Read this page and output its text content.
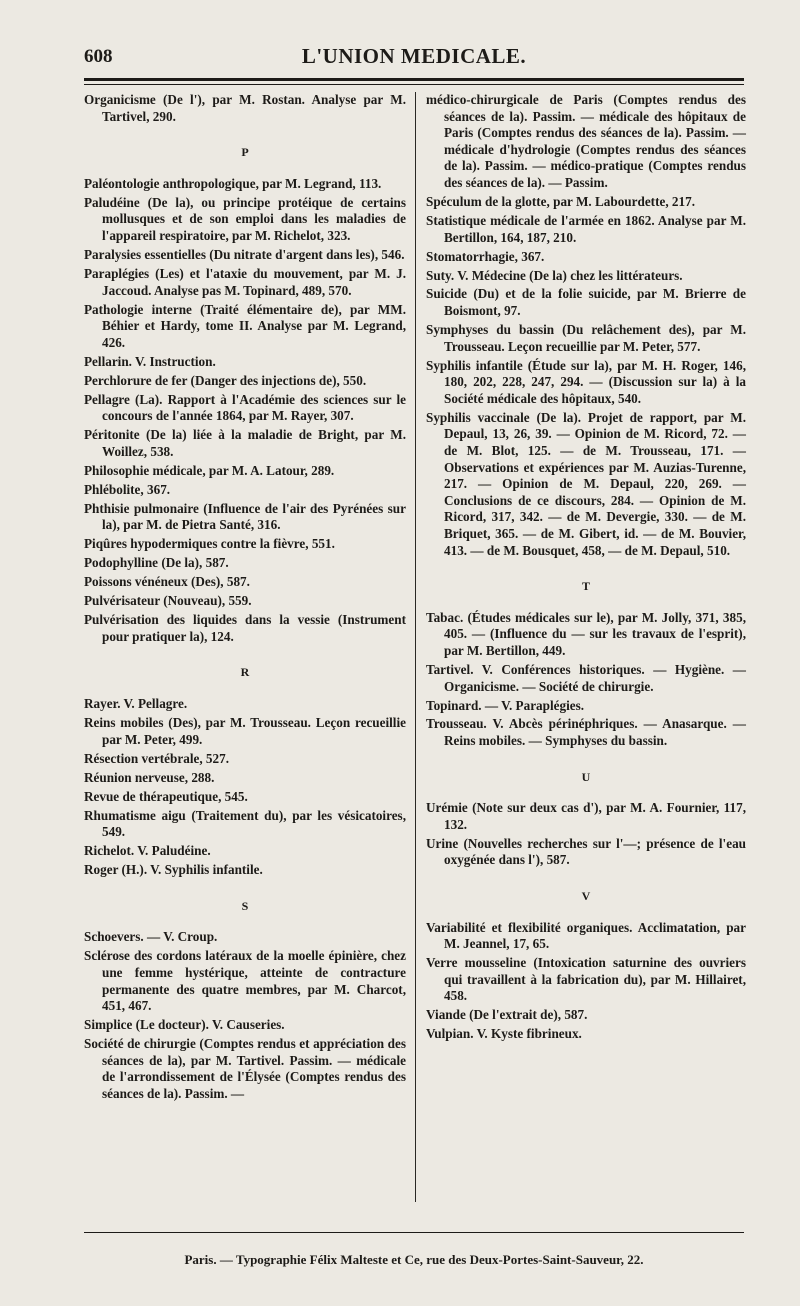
608	L'UNION MEDICALE.
Organicisme (De l'), par M. Rostan. Analyse par M. Tartivel, 290.
P
Paléontologie anthropologique, par M. Legrand, 113.
Paludéine (De la), ou principe protéique de certains mollusques et de son emploi dans les maladies de l'appareil respiratoire, par M. Richelot, 323.
Paralysies essentielles (Du nitrate d'argent dans les), 546.
Paraplégies (Les) et l'ataxie du mouvement, par M. J. Jaccoud. Analyse pas M. Topinard, 489, 570.
Pathologie interne (Traité élémentaire de), par MM. Béhier et Hardy, tome II. Analyse par M. Legrand, 426.
Pellarin. V. Instruction.
Perchlorure de fer (Danger des injections de), 550.
Pellagre (La). Rapport à l'Académie des sciences sur le concours de l'année 1864, par M. Rayer, 307.
Péritonite (De la) liée à la maladie de Bright, par M. Woillez, 538.
Philosophie médicale, par M. A. Latour, 289.
Phlébolite, 367.
Phthisie pulmonaire (Influence de l'air des Pyrénées sur la), par M. de Pietra Santé, 316.
Piqûres hypodermiques contre la fièvre, 551.
Podophylline (De la), 587.
Poissons vénéneux (Des), 587.
Pulvérisateur (Nouveau), 559.
Pulvérisation des liquides dans la vessie (Instrument pour pratiquer la), 124.
R
Rayer. V. Pellagre.
Reins mobiles (Des), par M. Trousseau. Leçon recueillie par M. Peter, 499.
Résection vertébrale, 527.
Réunion nerveuse, 288.
Revue de thérapeutique, 545.
Rhumatisme aigu (Traitement du), par les vésicatoires, 549.
Richelot. V. Paludéine.
Roger (H.). V. Syphilis infantile.
S
Schoevers. — V. Croup.
Sclérose des cordons latéraux de la moelle épinière, chez une femme hystérique, atteinte de contracture permanente des quatre membres, par M. Charcot, 451, 467.
Simplice (Le docteur). V. Causeries.
Société de chirurgie (Comptes rendus et appréciation des séances de la), par M. Tartivel. Passim. — médicale de l'arrondissement de l'Élysée (Comptes rendus des séances de la). Passim. —
médico-chirurgicale de Paris (Comptes rendus des séances de la). Passim. — médicale des hôpitaux de Paris (Comptes rendus des séances de la). Passim. — médicale d'hydrologie (Comptes rendus des séances de la). Passim. — médico-pratique (Comptes rendus des séances de la). — Passim.
Spéculum de la glotte, par M. Labourdette, 217.
Statistique médicale de l'armée en 1862. Analyse par M. Bertillon, 164, 187, 210.
Stomatorrhagie, 367.
Suty. V. Médecine (De la) chez les littérateurs.
Suicide (Du) et de la folie suicide, par M. Brierre de Boismont, 97.
Symphyses du bassin (Du relâchement des), par M. Trousseau. Leçon recueillie par M. Peter, 577.
Syphilis infantile (Étude sur la), par M. H. Roger, 146, 180, 202, 228, 247, 294. — (Discussion sur la) à la Société médicale des hôpitaux, 540.
Syphilis vaccinale (De la). Projet de rapport, par M. Depaul, 13, 26, 39. — Opinion de M. Ricord, 72. — de M. Blot, 125. — de M. Trousseau, 171. — Observations et expériences par M. Auzias-Turenne, 217. — Opinion de M. Depaul, 220, 269. — Conclusions de ce discours, 284. — Opinion de M. Ricord, 317, 342. — de M. Devergie, 330. — de M. Briquet, 365. — de M. Gibert, id. — de M. Bouvier, 413. — de M. Bousquet, 458, — de M. Depaul, 510.
T
Tabac. (Études médicales sur le), par M. Jolly, 371, 385, 405. — (Influence du — sur les travaux de l'esprit), par M. Bertillon, 449.
Tartivel. V. Conférences historiques. — Hygiène. — Organicisme. — Société de chirurgie.
Topinard. — V. Paraplégies.
Trousseau. V. Abcès périnéphriques. — Anasarque. — Reins mobiles. — Symphyses du bassin.
U
Urémie (Note sur deux cas d'), par M. A. Fournier, 117, 132.
Urine (Nouvelles recherches sur l'—; présence de l'eau oxygénée dans l'), 587.
V
Variabilité et flexibilité organiques. Acclimatation, par M. Jeannel, 17, 65.
Verre mousseline (Intoxication saturnine des ouvriers qui travaillent à la fabrication du), par M. Hillairet, 458.
Viande (De l'extrait de), 587.
Vulpian. V. Kyste fibrineux.
Paris. — Typographie Félix Malteste et Ce, rue des Deux-Portes-Saint-Sauveur, 22.
